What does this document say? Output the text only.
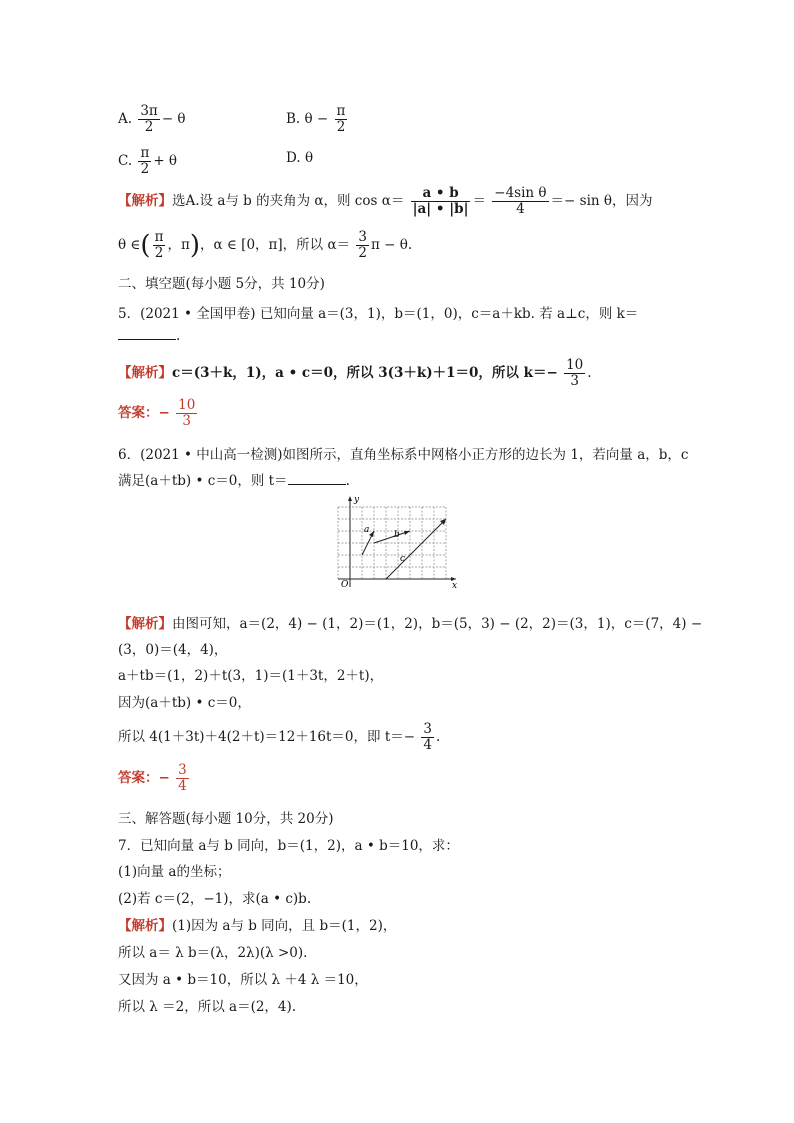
A. $\frac{3\pi}{2} - \theta$	B. $\theta - \frac{\pi}{2}$
C. $\frac{\pi}{2} + \theta$	D. θ
【解析】选A.设 a与 b 的夹角为 α，则 $\cos \alpha= \frac{a • b}{|a| • |b|} = \frac{\text{−4sin θ}}{4} =- \sin \theta$，因为
θ ∈( $\frac{\pi}{2}$ ，π)，α ∈ [0，π]，所以 $\alpha= \frac{3}{2}$ π − θ.
二、填空题(每小题 5分，共 10分)
5．(2021 • 全国甲卷) 已知向量 a＝(3，1)，b＝(1，0)，c＝a＋kb. 若 a⊥c，则 k＝
.
【解析】c＝(3＋k，1)，a • c＝0，所以 3(3＋k)＋1＝0，所以 $k=- \frac{10}{3}$ .
答案：− $\frac{10}{3}$
6．(2021 • 中山高一检测)如图所示，直角坐标系中网格小正方形的边长为 1，若向量 a，b，c
满足(a＋tb) • c＝0，则 t＝	.
y
x
O
a	b
c
【解析】由图可知，a＝(2，4) − (1，2)＝(1，2)，b＝(5，3) − (2，2)＝(3，1)，c＝(7，4) −
(3，0)＝(4，4)，
a＋tb＝(1，2)＋t(3，1)＝(1＋3t，2＋t)，
因为(a＋tb) • c＝0，
所以 4(1＋3t)＋4(2＋t)＝12＋16t＝0，即 $t=- \frac{3}{4}$ .
答案：− $\frac{3}{4}$
三、解答题(每小题 10分，共 20分)
7．已知向量 a与 b 同向，b＝(1，2)，a • b＝10，求：
(1)向量 a的坐标；
(2)若 c＝(2，−1)，求(a • c)b.
【解析】(1)因为 a与 b 同向，且 b＝(1，2)，
所以 a＝ λ b＝(λ，2λ)(λ >0).
又因为 a • b＝10，所以 λ ＋4 λ ＝10，
所以 λ ＝2，所以 a＝(2，4).
